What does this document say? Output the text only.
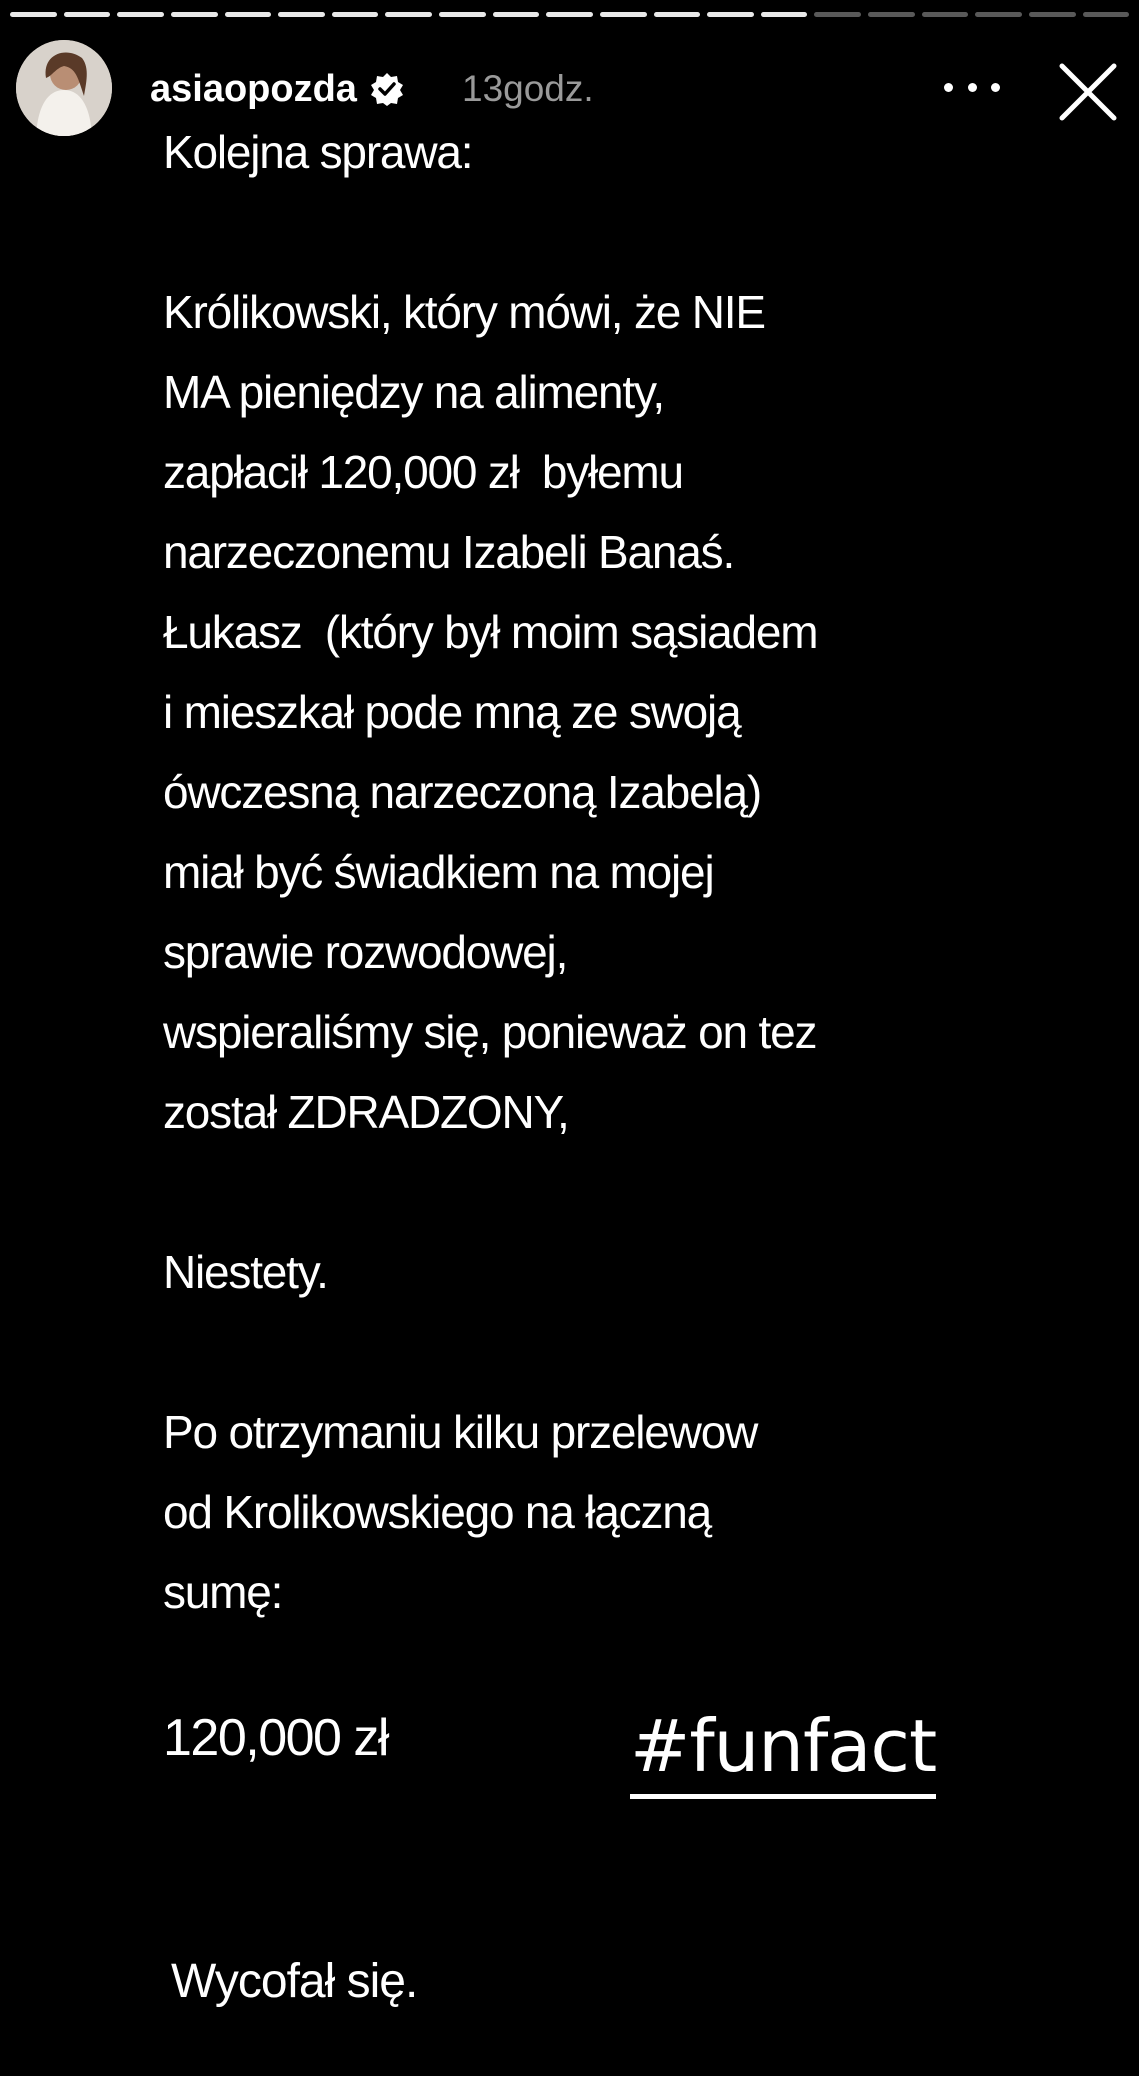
asiaopozda	13godz.
Kolejna sprawa:
Królikowski, który mówi, że NIE
MA pieniędzy na alimenty,
zapłacił 120,000 zł  byłemu
narzeczonemu Izabeli Banaś.
Łukasz  (który był moim sąsiadem
i mieszkał pode mną ze swoją
ówczesną narzeczoną Izabelą)
miał być świadkiem na mojej
sprawie rozwodowej,
wspieraliśmy się, ponieważ on tez
został ZDRADZONY,
Niestety.
Po otrzymaniu kilku przelewow
od Krolikowskiego na łączną
sumę:
120,000 zł	#funfact
Wycofał się.
